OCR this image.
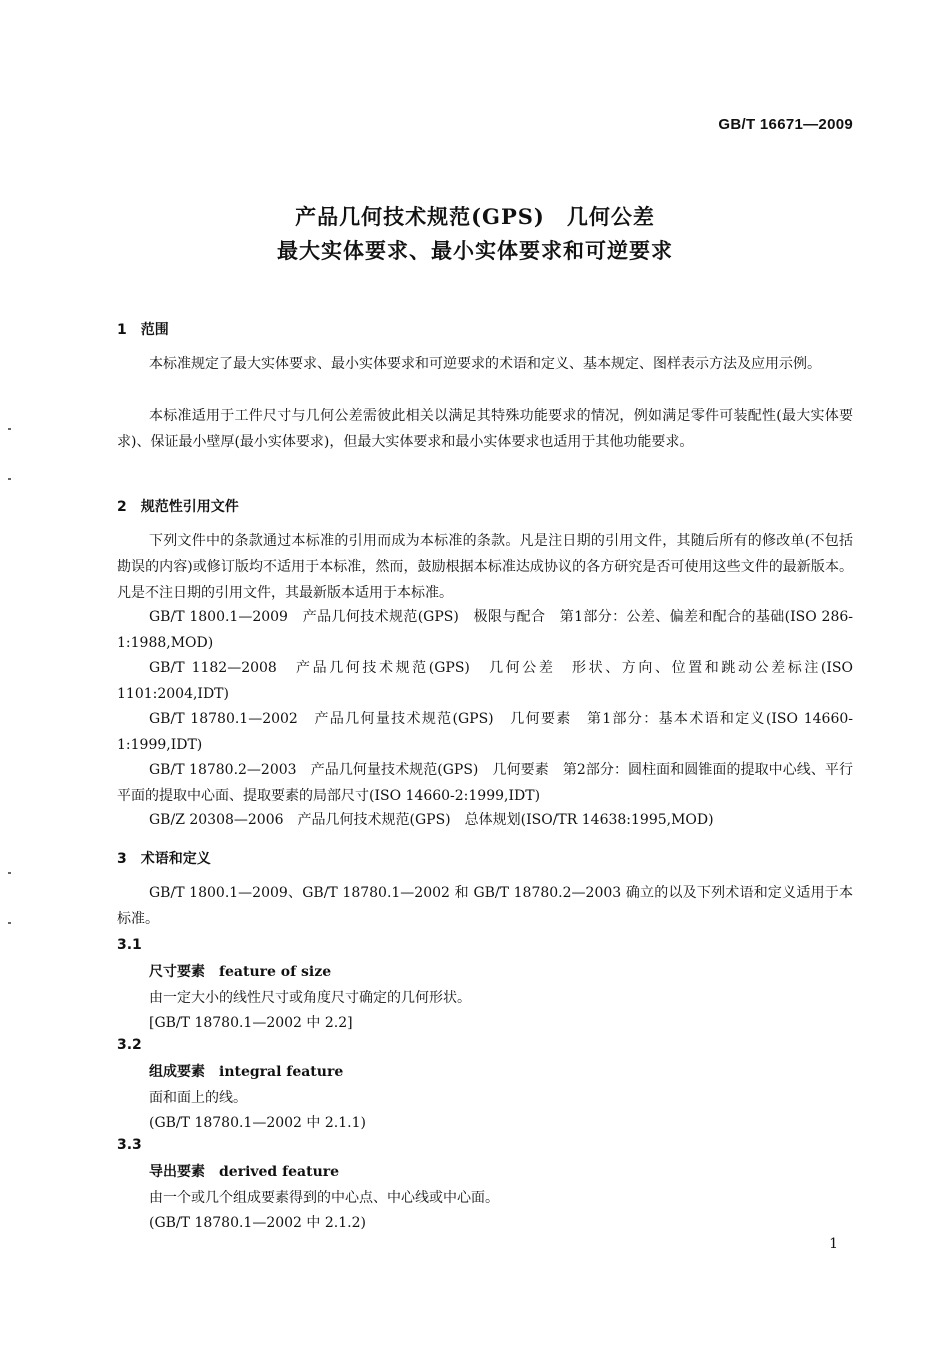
GB/T 16671—2009
产品几何技术规范(GPS)　几何公差
最大实体要求、最小实体要求和可逆要求
1　范围
本标准规定了最大实体要求、最小实体要求和可逆要求的术语和定义、基本规定、图样表示方法及应用示例。
本标准适用于工件尺寸与几何公差需彼此相关以满足其特殊功能要求的情况，例如满足零件可装配性(最大实体要求)、保证最小壁厚(最小实体要求)，但最大实体要求和最小实体要求也适用于其他功能要求。
2　规范性引用文件
下列文件中的条款通过本标准的引用而成为本标准的条款。凡是注日期的引用文件，其随后所有的修改单(不包括勘误的内容)或修订版均不适用于本标准，然而，鼓励根据本标准达成协议的各方研究是否可使用这些文件的最新版本。凡是不注日期的引用文件，其最新版本适用于本标准。
GB/T 1800.1—2009　产品几何技术规范(GPS)　极限与配合　第1部分：公差、偏差和配合的基础(ISO 286-1:1988,MOD)
GB/T 1182—2008　产品几何技术规范(GPS)　几何公差　形状、方向、位置和跳动公差标注(ISO 1101:2004,IDT)
GB/T 18780.1—2002　产品几何量技术规范(GPS)　几何要素　第1部分：基本术语和定义(ISO 14660-1:1999,IDT)
GB/T 18780.2—2003　产品几何量技术规范(GPS)　几何要素　第2部分：圆柱面和圆锥面的提取中心线、平行平面的提取中心面、提取要素的局部尺寸(ISO 14660-2:1999,IDT)
GB/Z 20308—2006　产品几何技术规范(GPS)　总体规划(ISO/TR 14638:1995,MOD)
3　术语和定义
GB/T 1800.1—2009、GB/T 18780.1—2002 和 GB/T 18780.2—2003 确立的以及下列术语和定义适用于本标准。
3.1
尺寸要素　 feature of size
由一定大小的线性尺寸或角度尺寸确定的几何形状。
[GB/T 18780.1—2002 中 2.2]
3.2
组成要素　 integral feature
面和面上的线。
(GB/T 18780.1—2002 中 2.1.1)
3.3
导出要素　 derived feature
由一个或几个组成要素得到的中心点、中心线或中心面。
(GB/T 18780.1—2002 中 2.1.2)
1
